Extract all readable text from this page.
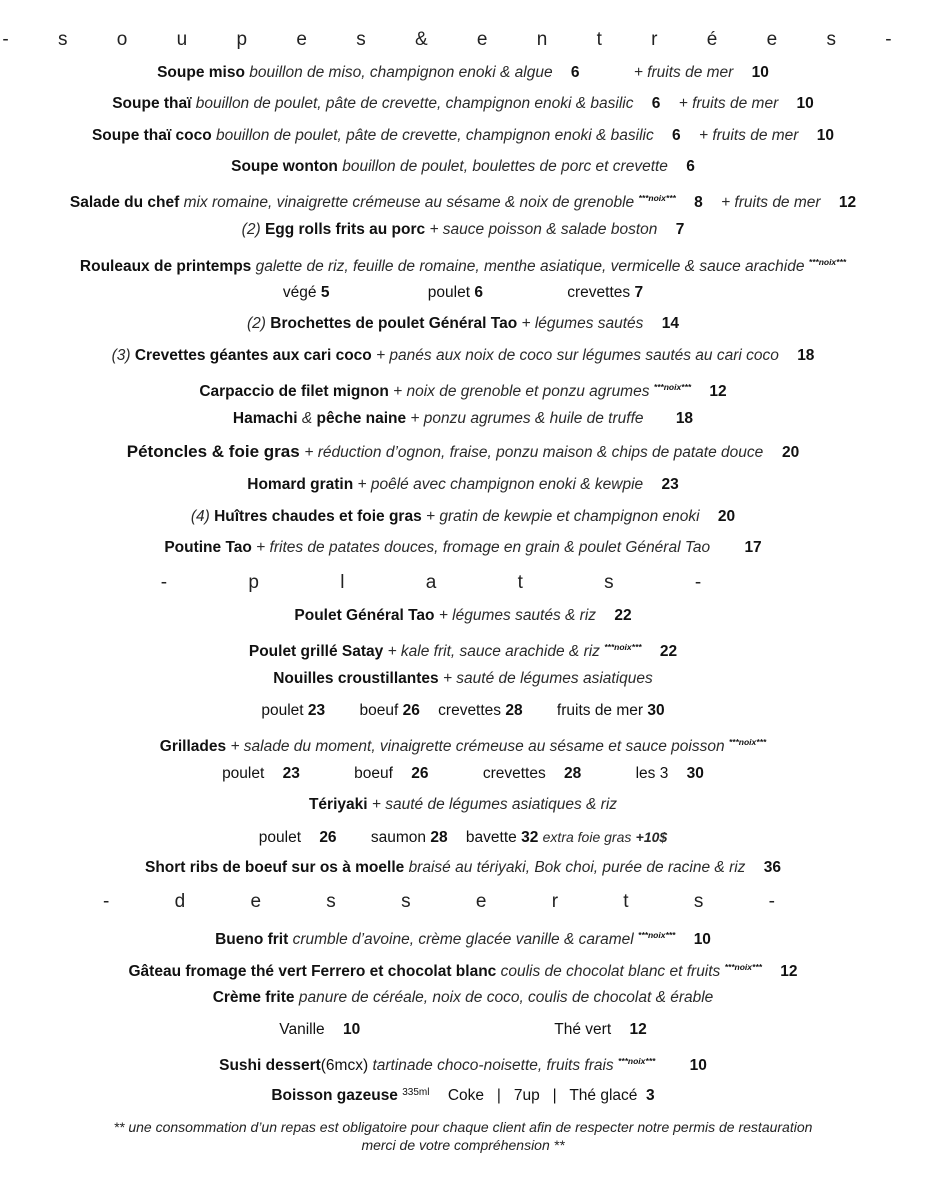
- s o u p e s & e n t r é e s -
Soupe miso bouillon de miso, champignon enoki & algue 6	+ fruits de mer 10
Soupe thaï bouillon de poulet, pâte de crevette, champignon enoki & basilic 6 + fruits de mer 10
Soupe thaï coco bouillon de poulet, pâte de crevette, champignon enoki & basilic 6 + fruits de mer 10
Soupe wonton bouillon de poulet, boulettes de porc et crevette 6
Salade du chef mix romaine, vinaigrette crémeuse au sésame & noix de grenoble $^{***noix***}$ 8 + fruits de mer 12
(2) Egg rolls frits au porc + sauce poisson & salade boston 7
Rouleaux de printemps galette de riz, feuille de romaine, menthe asiatique, vermicelle & sauce arachide $^{***noix***}$
végé 5	poulet 6	crevettes 7
(2) Brochettes de poulet Général Tao + légumes sautés 14
(3) Crevettes géantes aux cari coco + panés aux noix de coco sur légumes sautés au cari coco 18
Carpaccio de filet mignon + noix de grenoble et ponzu agrumes $^{***noix***}$ 12
Hamachi & pêche naine + ponzu agrumes & huile de truffe 18
Pétoncles & foie gras + réduction d’ognon, fraise, ponzu maison & chips de patate douce 20
Homard gratin + poêlé avec champignon enoki & kewpie 23
(4) Huîtres chaudes et foie gras + gratin de kewpie et champignon enoki 20
Poutine Tao + frites de patates douces, fromage en grain & poulet Général Tao 17
- p l a t s -
Poulet Général Tao + légumes sautés & riz 22
Poulet grillé Satay + kale frit, sauce arachide & riz $^{***noix***}$ 22
Nouilles croustillantes + sauté de légumes asiatiques
poulet 23 boeuf 26 crevettes 28 fruits de mer 30
Grillades + salade du moment, vinaigrette crémeuse au sésame et sauce poisson $^{***noix***}$
poulet 23	boeuf 26	crevettes 28	les 3 30
Tériyaki + sauté de légumes asiatiques & riz
poulet 26 saumon 28 bavette 32 extra foie gras +10$
Short ribs de boeuf sur os à moelle braisé au tériyaki, Bok choi, purée de racine & riz 36
- d e s s e r t s -
Bueno frit crumble d’avoine, crème glacée vanille & caramel $^{***noix***}$ 10
Gâteau fromage thé vert Ferrero et chocolat blanc coulis de chocolat blanc et fruits $^{***noix***}$ 12
Crème frite panure de céréale, noix de coco, coulis de chocolat & érable
Vanille 10	Thé vert 12
Sushi dessert(6mcx) tartinade choco-noisette, fruits frais $^{***noix***}$ 10
Boisson gazeuse $^{335ml}$ Coke | 7up | Thé glacé 3
** une consommation d’un repas est obligatoire pour chaque client afin de respecter notre permis de restauration
merci de votre compréhension **
